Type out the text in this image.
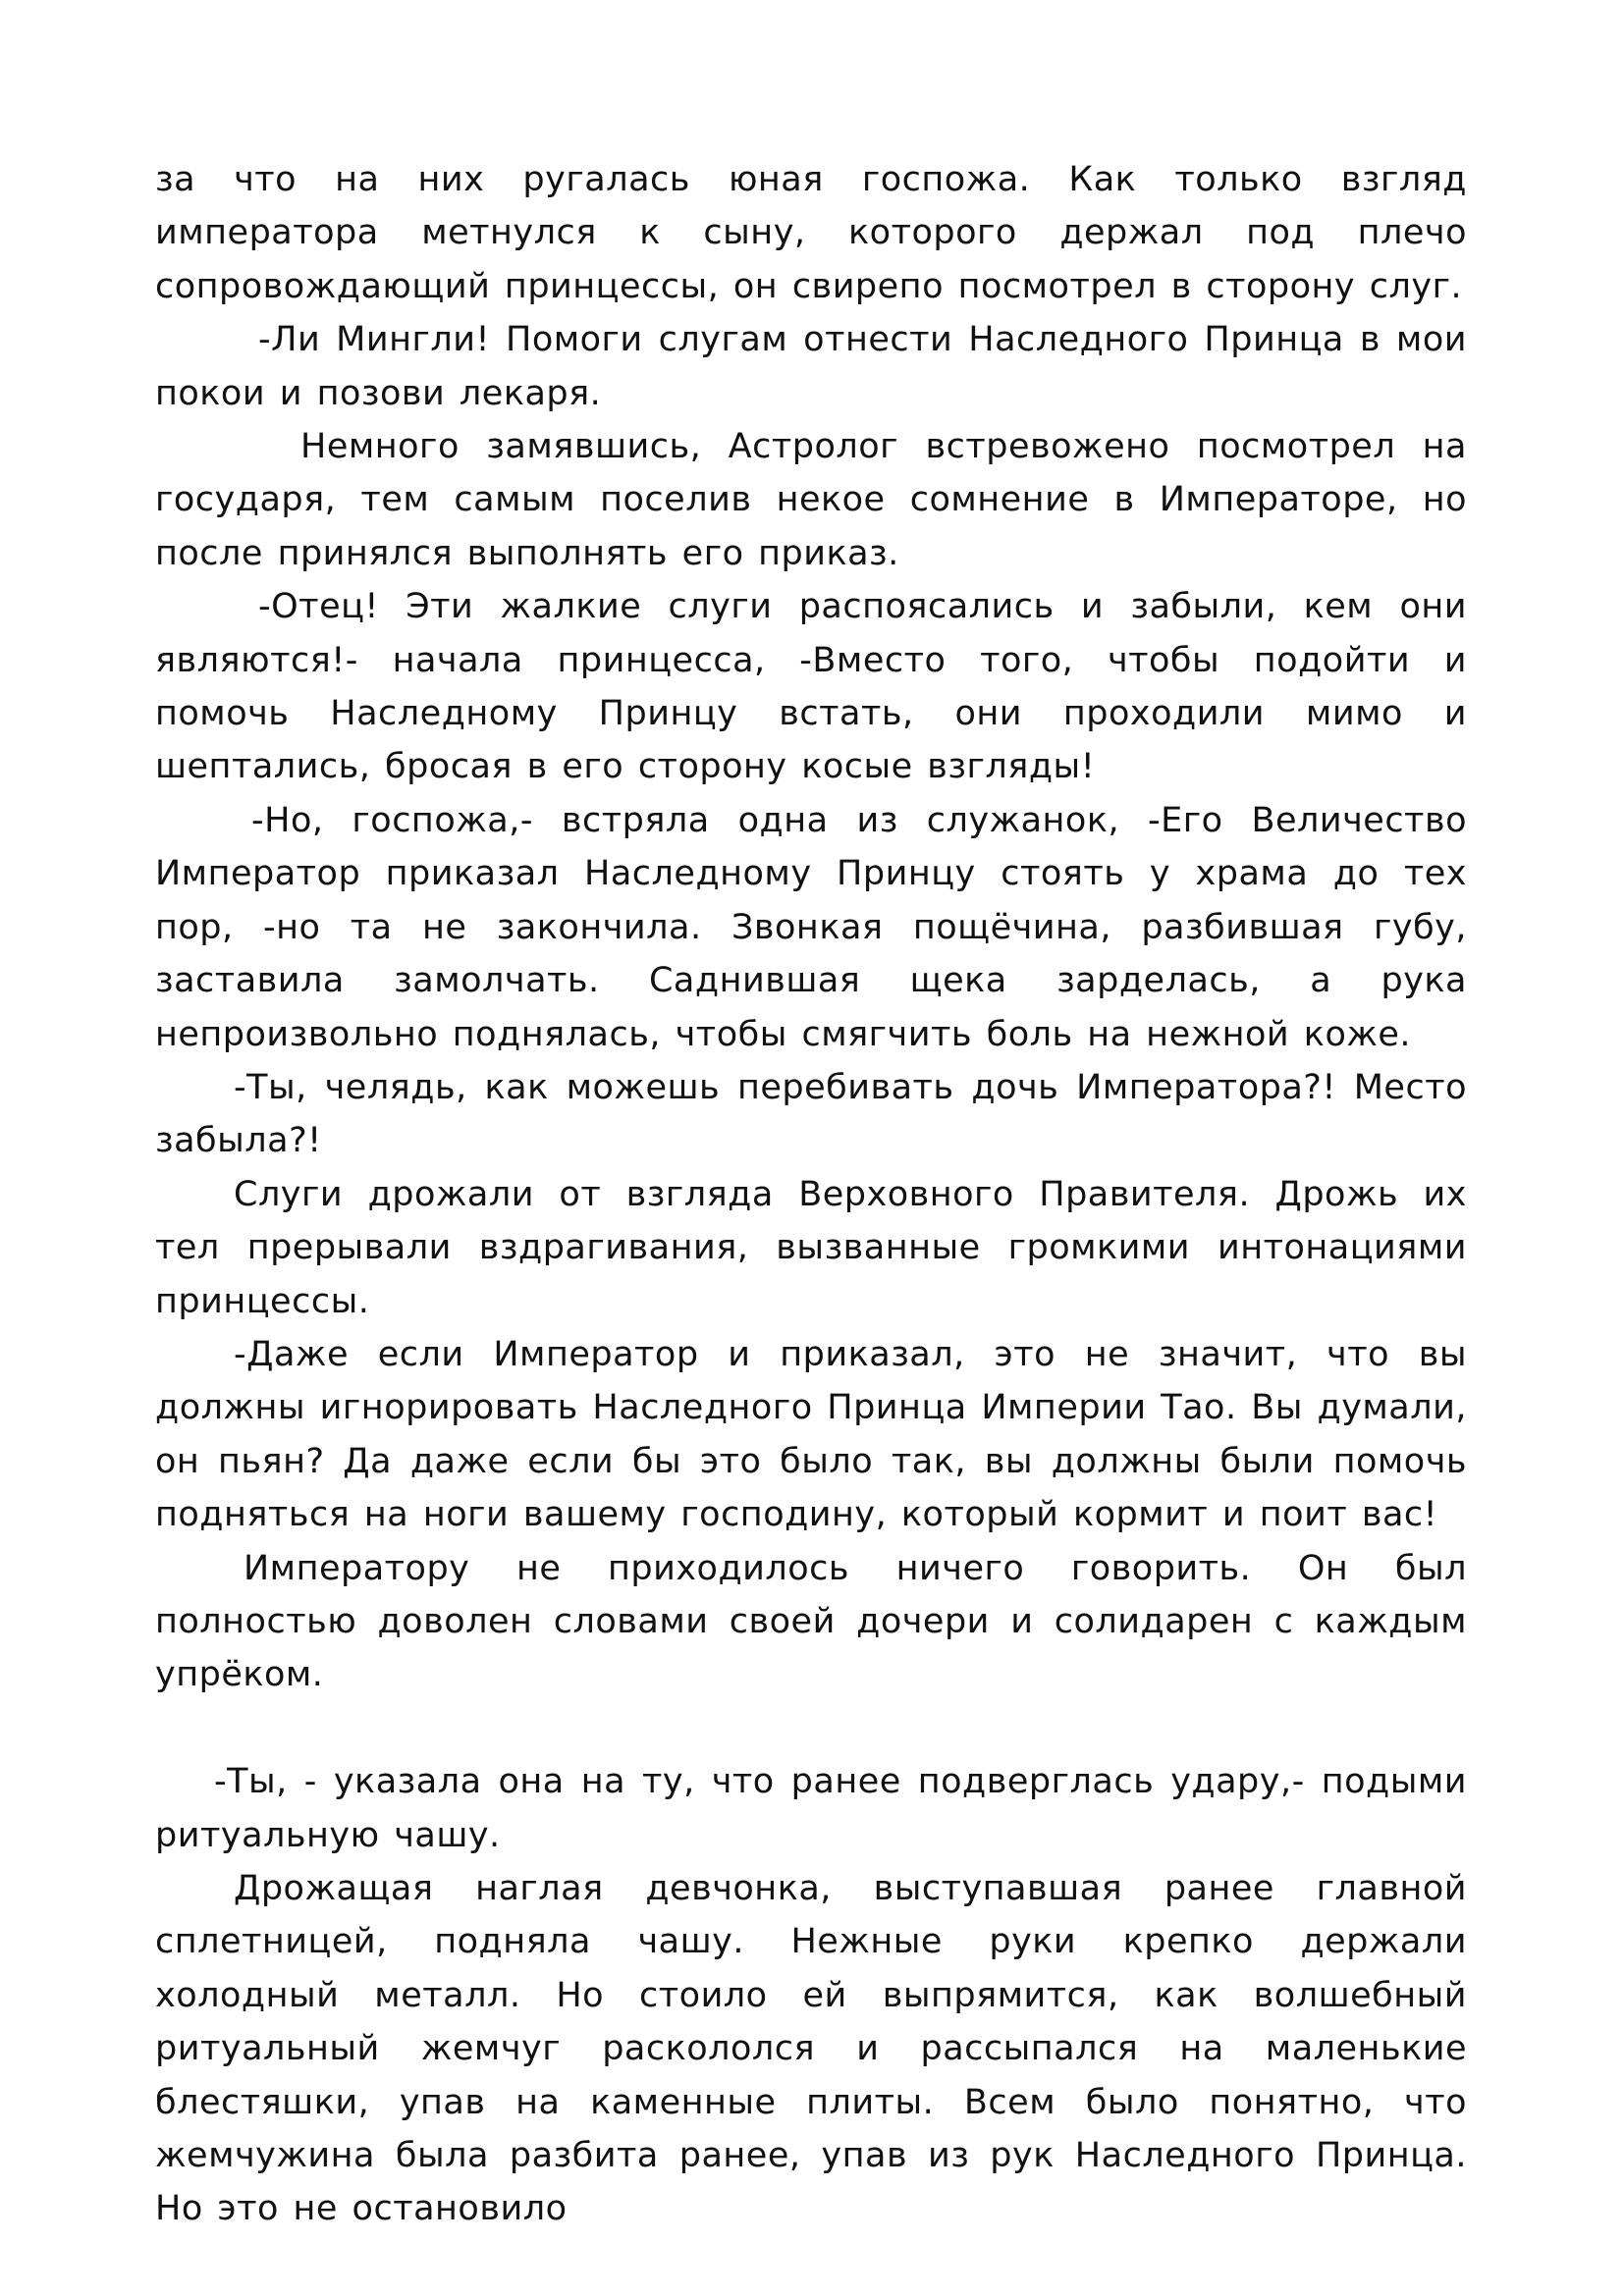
за что на них ругалась юная госпожа. Как только взгляд императора метнулся к сыну, которого держал под плечо сопровождающий принцессы, он свирепо посмотрел в сторону слуг.

-Ли Мингли! Помоги слугам отнести Наследного Принца в мои покои и позови лекаря.

Немного замявшись, Астролог встревожено посмотрел на государя, тем самым поселив некое сомнение в Императоре, но после принялся выполнять его приказ.

-Отец! Эти жалкие слуги распоясались и забыли, кем они являются!- начала принцесса, -Вместо того, чтобы подойти и помочь Наследному Принцу встать, они проходили мимо и шептались, бросая в его сторону косые взгляды!

-Но, госпожа,- встряла одна из служанок, -Его Величество Император приказал Наследному Принцу стоять у храма до тех пор, -но та не закончила. Звонкая пощёчина, разбившая губу, заставила замолчать. Саднившая щека зарделась, а рука непроизвольно поднялась, чтобы смягчить боль на нежной коже.

-Ты, челядь, как можешь перебивать дочь Императора?! Место забыла?!

Слуги дрожали от взгляда Верховного Правителя. Дрожь их тел прерывали вздрагивания, вызванные громкими интонациями принцессы.

-Даже если Император и приказал, это не значит, что вы должны игнорировать Наследного Принца Империи Тао. Вы думали, он пьян? Да даже если бы это было так, вы должны были помочь подняться на ноги вашему господину, который кормит и поит вас!

Императору не приходилось ничего говорить. Он был полностью доволен словами своей дочери и солидарен с каждым упрёком.

-Ты, - указала она на ту, что ранее подверглась удару,- подыми ритуальную чашу.

Дрожащая наглая девчонка, выступавшая ранее главной сплетницей, подняла чашу. Нежные руки крепко держали холодный металл. Но стоило ей выпрямится, как волшебный ритуальный жемчуг раскололся и рассыпался на маленькие блестяшки, упав на каменные плиты. Всем было понятно, что жемчужина была разбита ранее, упав из рук Наследного Принца. Но это не остановило
